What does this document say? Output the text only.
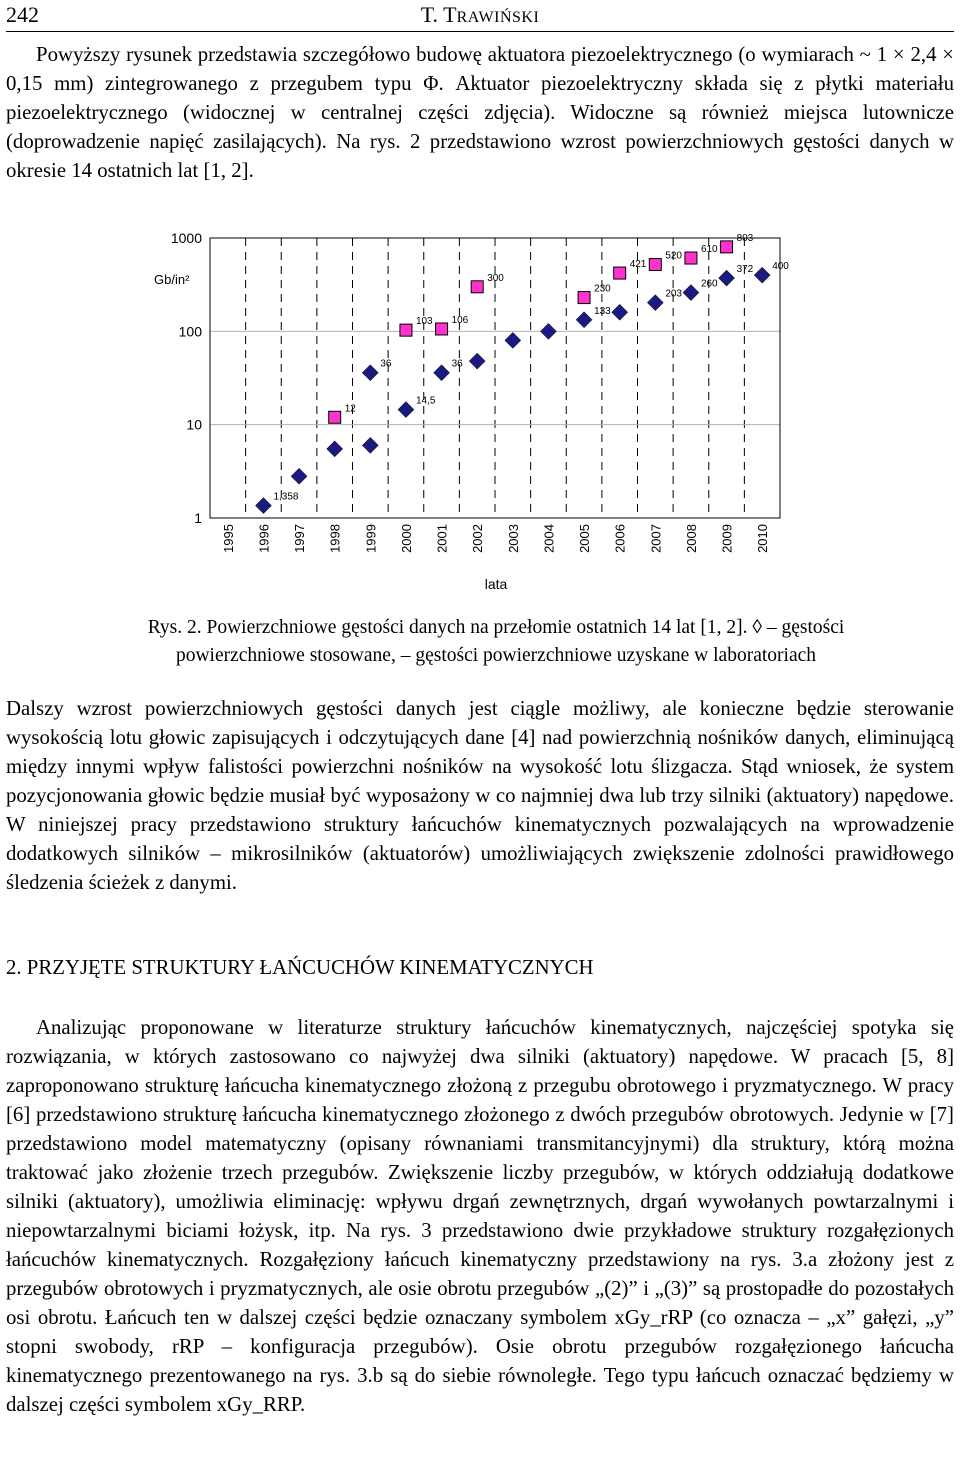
242	T. TRAWIŃSKI

Powyższy rysunek przedstawia szczegółowo budowę aktuatora piezoelektrycznego (o wymiarach ~ 1 × 2,4 × 0,15 mm) zintegrowanego z przegubem typu Φ. Aktuator piezoelektryczny składa się z płytki materiału piezoelektrycznego (widocznej w centralnej części zdjęcia). Widoczne są również miejsca lutownicze (doprowadzenie napięć zasilających). Na rys. 2 przedstawiono wzrost powierzchniowych gęstości danych w okresie 14 ostatnich lat [1, 2].

1
10
100
1000
1995 1996 1997 1998 1999 2000 2001 2002 2003 2004 2005 2006 2007 2008 2009 2010
1,358
14,5
36	36
133
203
260
372 400
12
103 106
300
230
421
520
610
803
Gb/in²
lata

Rys. 2. Powierzchniowe gęstości danych na przełomie ostatnich 14 lat [1, 2]. ◊ – gęstości powierzchniowe stosowane, – gęstości powierzchniowe uzyskane w laboratoriach

Dalszy wzrost powierzchniowych gęstości danych jest ciągle możliwy, ale konieczne będzie sterowanie wysokością lotu głowic zapisujących i odczytujących dane [4] nad powierzchnią nośników danych, eliminującą między innymi wpływ falistości powierzchni nośników na wysokość lotu ślizgacza. Stąd wniosek, że system pozycjonowania głowic będzie musiał być wyposażony w co najmniej dwa lub trzy silniki (aktuatory) napędowe. W niniejszej pracy przedstawiono struktury łańcuchów kinematycznych pozwalających na wprowadzenie dodatkowych silników – mikrosilników (aktuatorów) umożliwiających zwiększenie zdolności prawidłowego śledzenia ścieżek z danymi.

2. PRZYJĘTE STRUKTURY ŁAŃCUCHÓW KINEMATYCZNYCH

Analizując proponowane w literaturze struktury łańcuchów kinematycznych, najczęściej spotyka się rozwiązania, w których zastosowano co najwyżej dwa silniki (aktuatory) napędowe. W pracach [5, 8] zaproponowano strukturę łańcucha kinematycznego złożoną z przegubu obrotowego i pryzmatycznego. W pracy [6] przedstawiono strukturę łańcucha kinematycznego złożonego z dwóch przegubów obrotowych. Jedynie w [7] przedstawiono model matematyczny (opisany równaniami transmitancyjnymi) dla struktury, którą można traktować jako złożenie trzech przegubów. Zwiększenie liczby przegubów, w których oddziałują dodatkowe silniki (aktuatory), umożliwia eliminację: wpływu drgań zewnętrznych, drgań wywołanych powtarzalnymi i niepowtarzalnymi biciami łożysk, itp. Na rys. 3 przedstawiono dwie przykładowe struktury rozgałęzionych łańcuchów kinematycznych. Rozgałęziony łańcuch kinematyczny przedstawiony na rys. 3.a złożony jest z przegubów obrotowych i pryzmatycznych, ale osie obrotu przegubów „(2)” i „(3)” są prostopadłe do pozostałych osi obrotu. Łańcuch ten w dalszej części będzie oznaczany symbolem xGy_rRP (co oznacza – „x” gałęzi, „y” stopni swobody, rRP – konfiguracja przegubów). Osie obrotu przegubów rozgałęzionego łańcucha kinematycznego prezentowanego na rys. 3.b są do siebie równoległe. Tego typu łańcuch oznaczać będziemy w dalszej części symbolem xGy_RRP.
